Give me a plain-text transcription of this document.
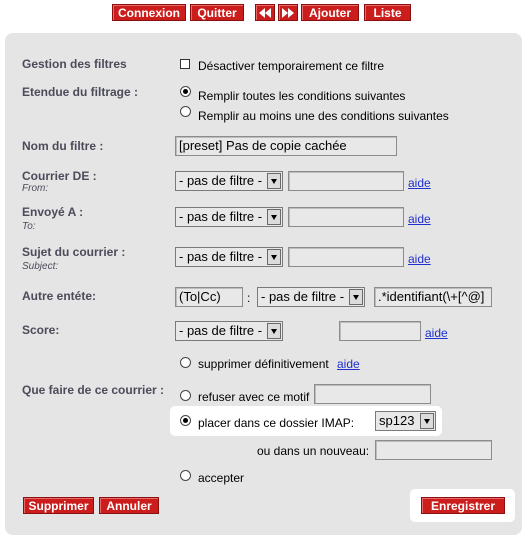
Connexion	Quitter	Ajouter	Liste
Gestion des filtres	Désactiver temporairement ce filtre
Etendue du filtrage :	Remplir toutes les conditions suivantes
Remplir au moins une des conditions suivantes
Nom du filtre :	[preset] Pas de copie cachée
Courrier DE :
From:
- pas de filtre -	aide
Envoyé A :
To:
- pas de filtre -	aide
Sujet du courrier :
Subject:
- pas de filtre -	aide
Autre entéte:	(To|Cc)	: - pas de filtre -	.*identifiant(\+[^@]
Score:	- pas de filtre -	aide
supprimer définitivement aide
Que faire de ce courrier :	refuser avec ce motif
placer dans ce dossier IMAP:	sp123
ou dans un nouveau:
accepter
Supprimer	Annuler	Enregistrer
